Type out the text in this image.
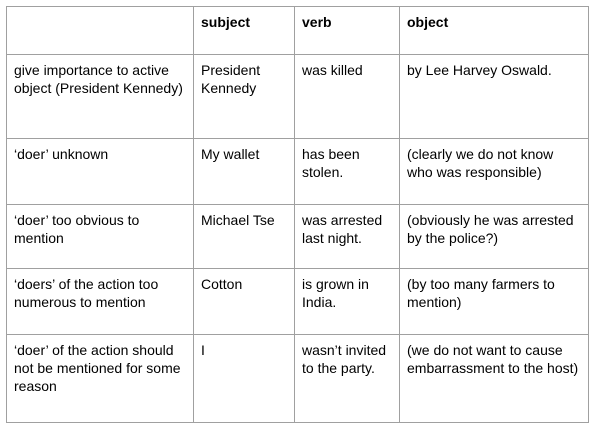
	subject	verb	object
give importance to active object (President Kennedy)	President Kennedy	was killed	by Lee Harvey Oswald.
‘doer’ unknown	My wallet	has been stolen.	(clearly we do not know who was responsible)
‘doer’ too obvious to mention	Michael Tse	was arrested last night.	(obviously he was arrested by the police?)
‘doers’ of the action too numerous to mention	Cotton	is grown in India.	(by too many farmers to mention)
‘doer’ of the action should not be mentioned for some reason	I	wasn’t invited to the party.	(we do not want to cause embarrassment to the host)
